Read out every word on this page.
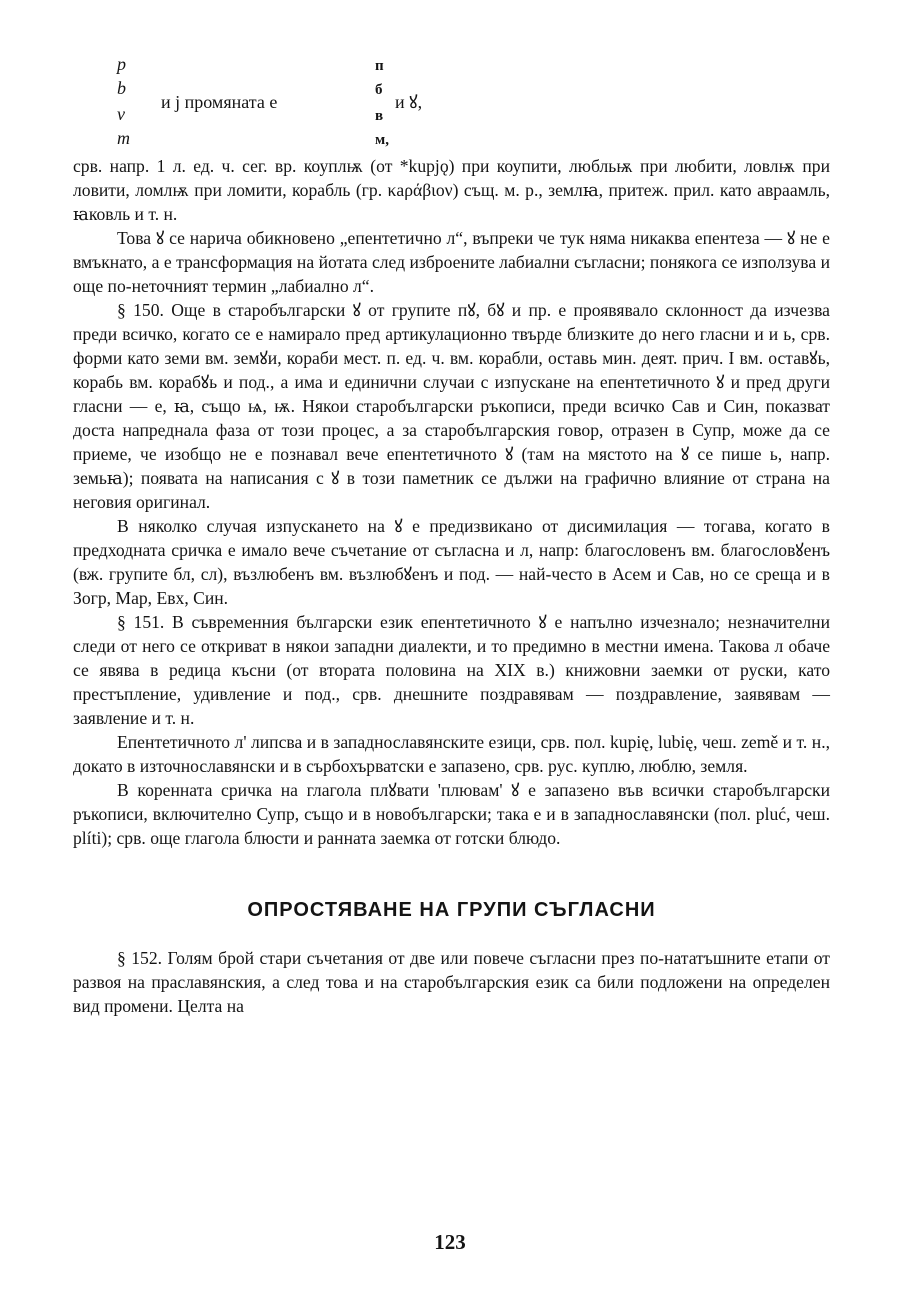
p
b
v
m
и j промяната е
п
б
в
м,
и ꙋ,

срв. напр. 1 л. ед. ч. сег. вр. коуплѭ (от *kupjǫ) при коупити, любльѭ при любити, ловлѭ при ловити, ломлѭ при ломити, корабль (гр. κаράβιον) същ. м. р., землꙗ, притеж. прил. като авраамль, ꙗковль и т. н.

Това ꙋ се нарича обикновено „епентетично л“, въпреки че тук няма никаква епентеза — ꙋ не е вмъкнато, а е трансформация на йотата след изброените лабиални съгласни; понякога се използува и още по-неточният термин „лабиално л“.

§ 150. Още в старобългарски ꙋ от групите пꙋ, бꙋ и пр. е проявявало склонност да изчезва преди всичко, когато се е намирало пред артикулационно твърде близките до него гласни и и ь, срв. форми като земи вм. земꙋи, кораби мест. п. ед. ч. вм. корабли, оставь мин. деят. прич. I вм. оставꙋь, корабь вм. корабꙋь и под., а има и единични случаи с изпускане на епентетичното ꙋ и пред други гласни — е, ꙗ, също ѩ, ѭ. Някои старобългарски ръкописи, преди всичко Сав и Син, показват доста напреднала фаза от този процес, а за старобългарския говор, отразен в Супр, може да се приеме, че изобщо не е познавал вече епентетичното ꙋ (там на мястото на ꙋ се пише ь, напр. земьꙗ); появата на написания с ꙋ в този паметник се дължи на графично влияние от страна на неговия оригинал.

В няколко случая изпускането на ꙋ е предизвикано от дисимилация — тогава, когато в предходната сричка е имало вече съчетание от съгласна и л, напр: благословенъ вм. благословꙋенъ (вж. групите бл, сл), възлюбенъ вм. възлюбꙋенъ и под. — най-често в Асем и Сав, но се среща и в Зогр, Мар, Евх, Син.

§ 151. В съвременния български език епентетичното ꙋ е напълно изчезнало; незначителни следи от него се откриват в някои западни диалекти, и то предимно в местни имена. Такова л обаче се явява в редица късни (от втората половина на XIX в.) книжовни заемки от руски, като престъпление, удивление и под., срв. днешните поздравявам — поздравление, заявявам — заявление и т. н.

Епентетичното л' липсва и в западнославянските езици, срв. пол. kupię, lubię, чеш. země и т. н., докато в източнославянски и в сърбохърватски е запазено, срв. рус. куплю, люблю, земля.

В коренната сричка на глагола плꙋвати 'плювам' ꙋ е запазено във всички старобългарски ръкописи, включително Супр, също и в новобългарски; така е и в западнославянски (пол. pluć, чеш. plíti); срв. още глагола блюсти и ранната заемка от готски блюдо.

ОПРОСТЯВАНЕ НА ГРУПИ СЪГЛАСНИ

§ 152. Голям брой стари съчетания от две или повече съгласни през по-нататъшните етапи от развоя на праславянския, а след това и на старобългарския език са били подложени на определен вид промени. Целта на

123
